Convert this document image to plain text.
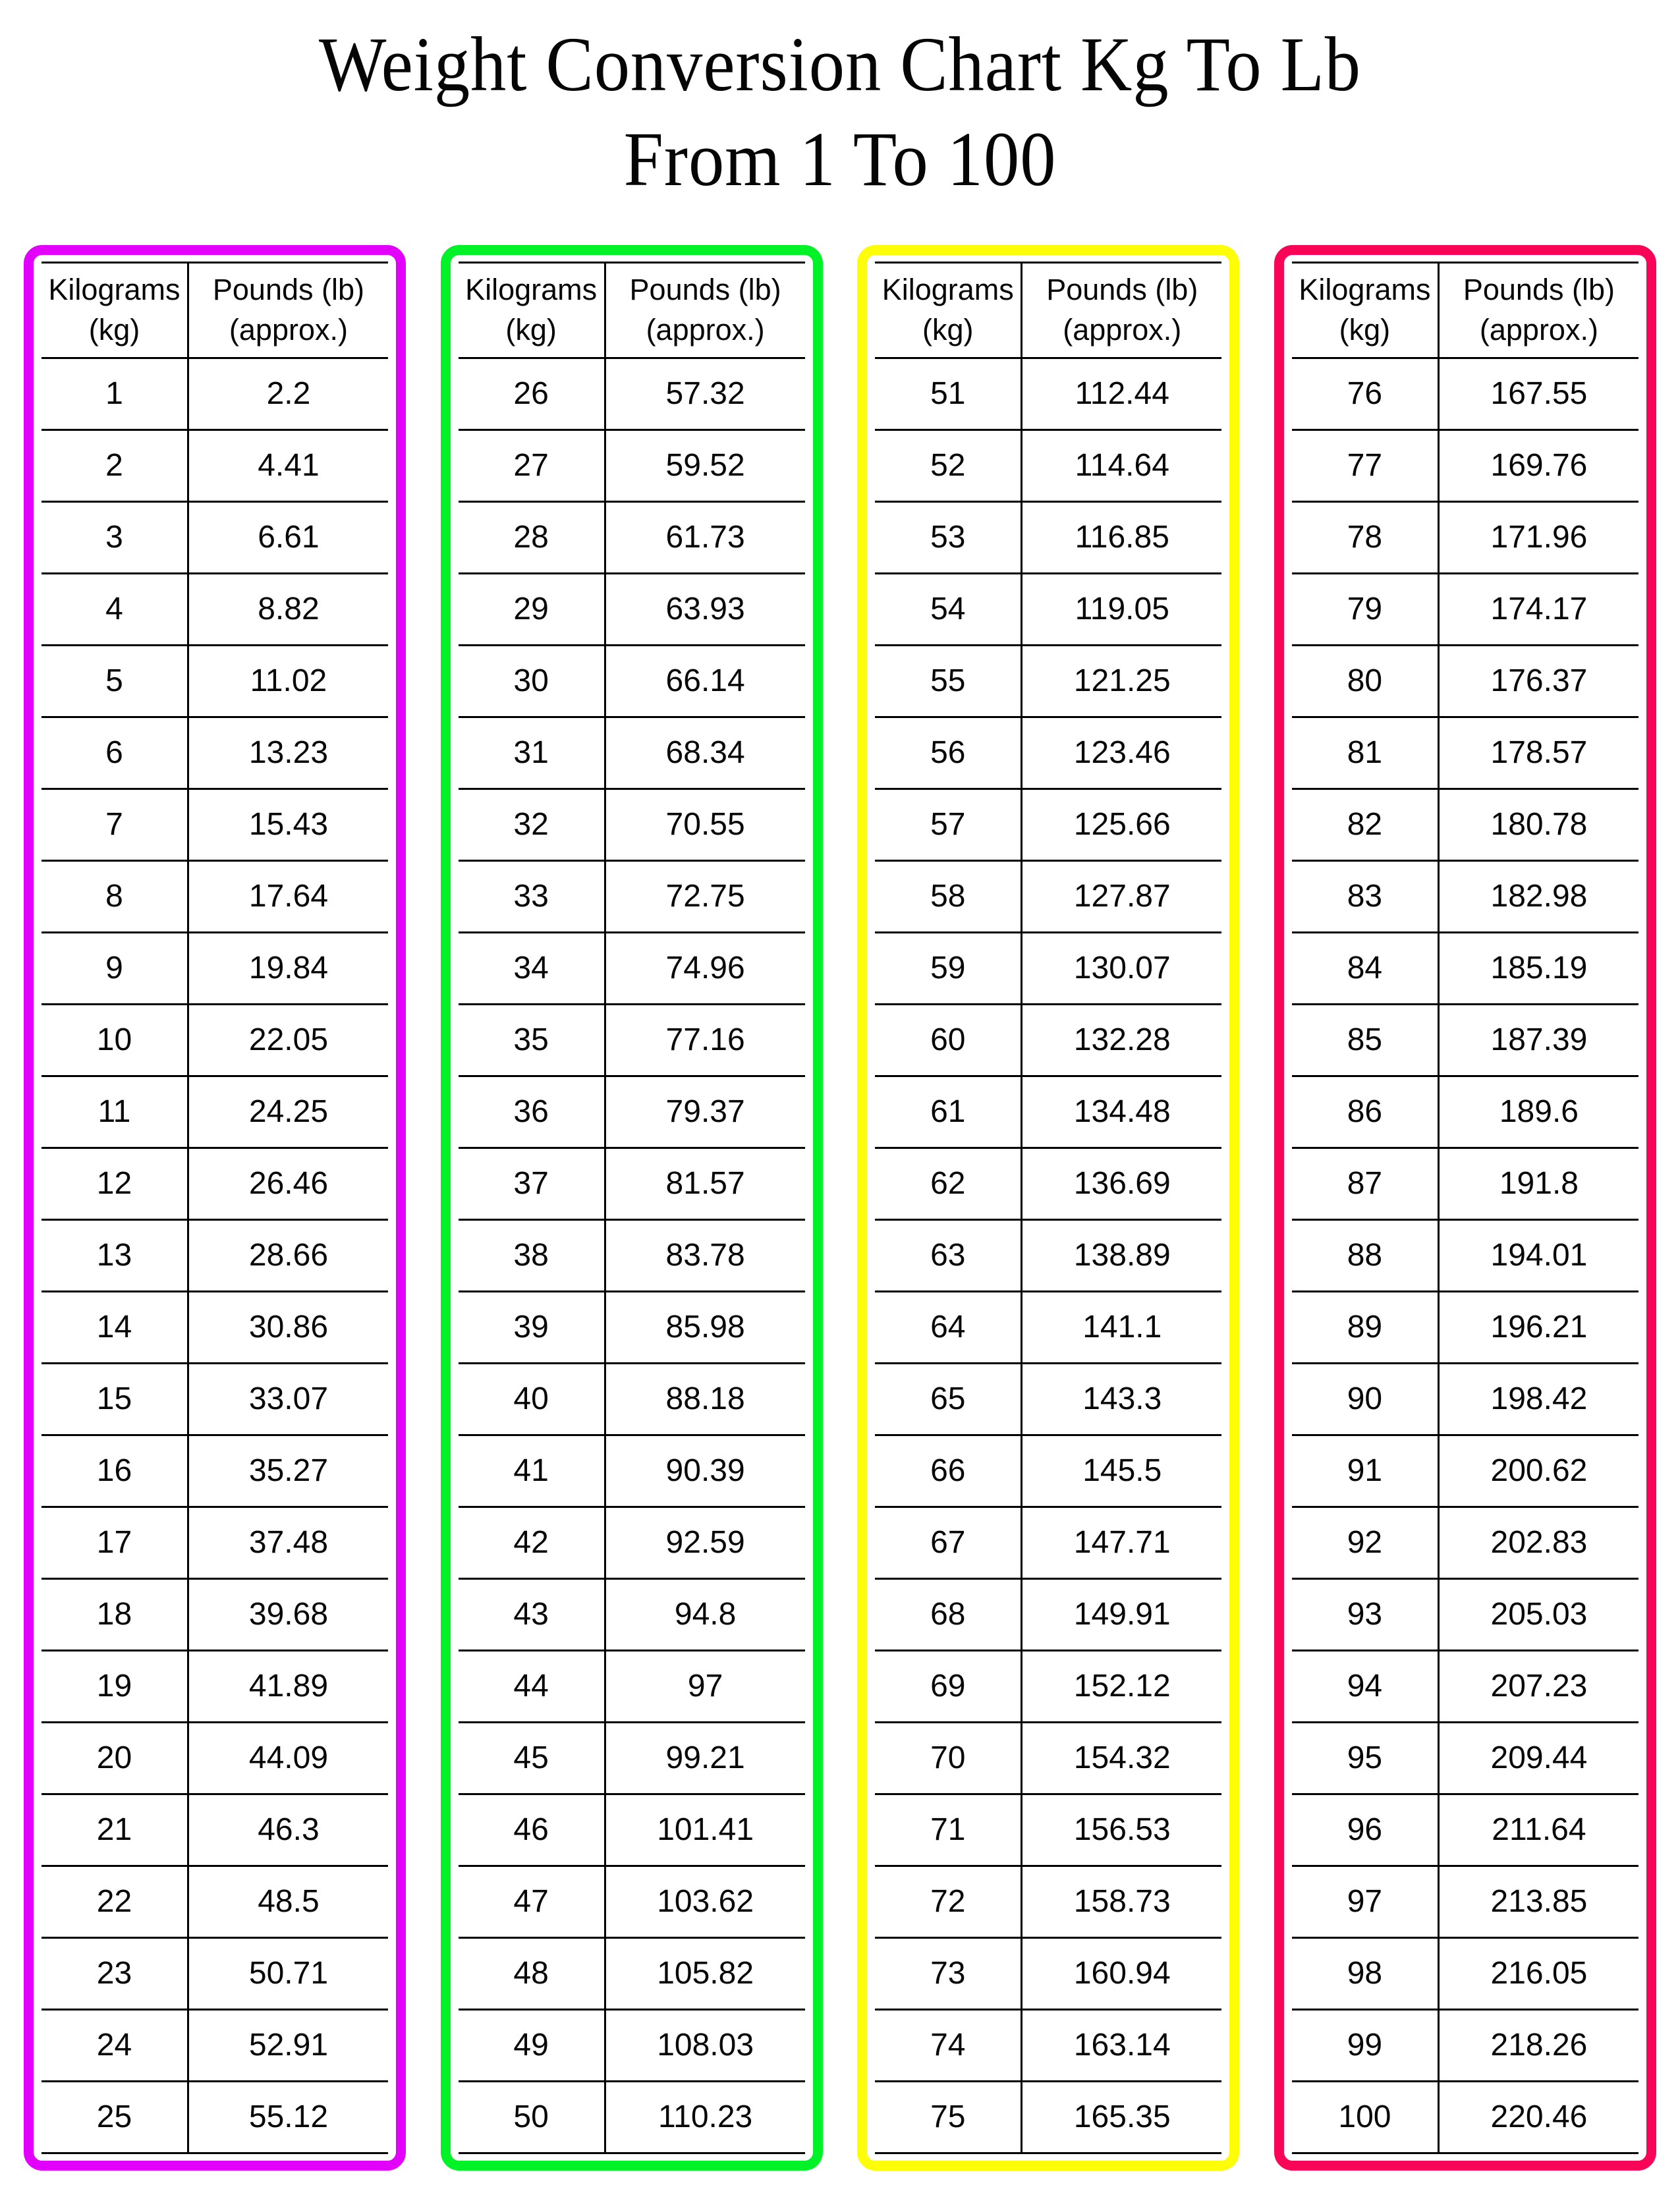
Weight Conversion Chart Kg To Lb
From 1 To 100
Kilograms
(kg)

Pounds (lb)
(approx.)

1	2.2
2	4.41
3	6.61
4	8.82
5	11.02
6	13.23
7	15.43
8	17.64
9	19.84
10	22.05
11	24.25
12	26.46
13	28.66
14	30.86
15	33.07
16	35.27
17	37.48
18	39.68
19	41.89
20	44.09
21	46.3
22	48.5
23	50.71
24	52.91
25	55.12
Kilograms
(kg)

Pounds (lb)
(approx.)

26	57.32
27	59.52
28	61.73
29	63.93
30	66.14
31	68.34
32	70.55
33	72.75
34	74.96
35	77.16
36	79.37
37	81.57
38	83.78
39	85.98
40	88.18
41	90.39
42	92.59
43	94.8
44	97
45	99.21
46	101.41
47	103.62
48	105.82
49	108.03
50	110.23
Kilograms
(kg)

Pounds (lb)
(approx.)

51	112.44
52	114.64
53	116.85
54	119.05
55	121.25
56	123.46
57	125.66
58	127.87
59	130.07
60	132.28
61	134.48
62	136.69
63	138.89
64	141.1
65	143.3
66	145.5
67	147.71
68	149.91
69	152.12
70	154.32
71	156.53
72	158.73
73	160.94
74	163.14
75	165.35
Kilograms
(kg)

Pounds (lb)
(approx.)

76	167.55
77	169.76
78	171.96
79	174.17
80	176.37
81	178.57
82	180.78
83	182.98
84	185.19
85	187.39
86	189.6
87	191.8
88	194.01
89	196.21
90	198.42
91	200.62
92	202.83
93	205.03
94	207.23
95	209.44
96	211.64
97	213.85
98	216.05
99	218.26
100	220.46
